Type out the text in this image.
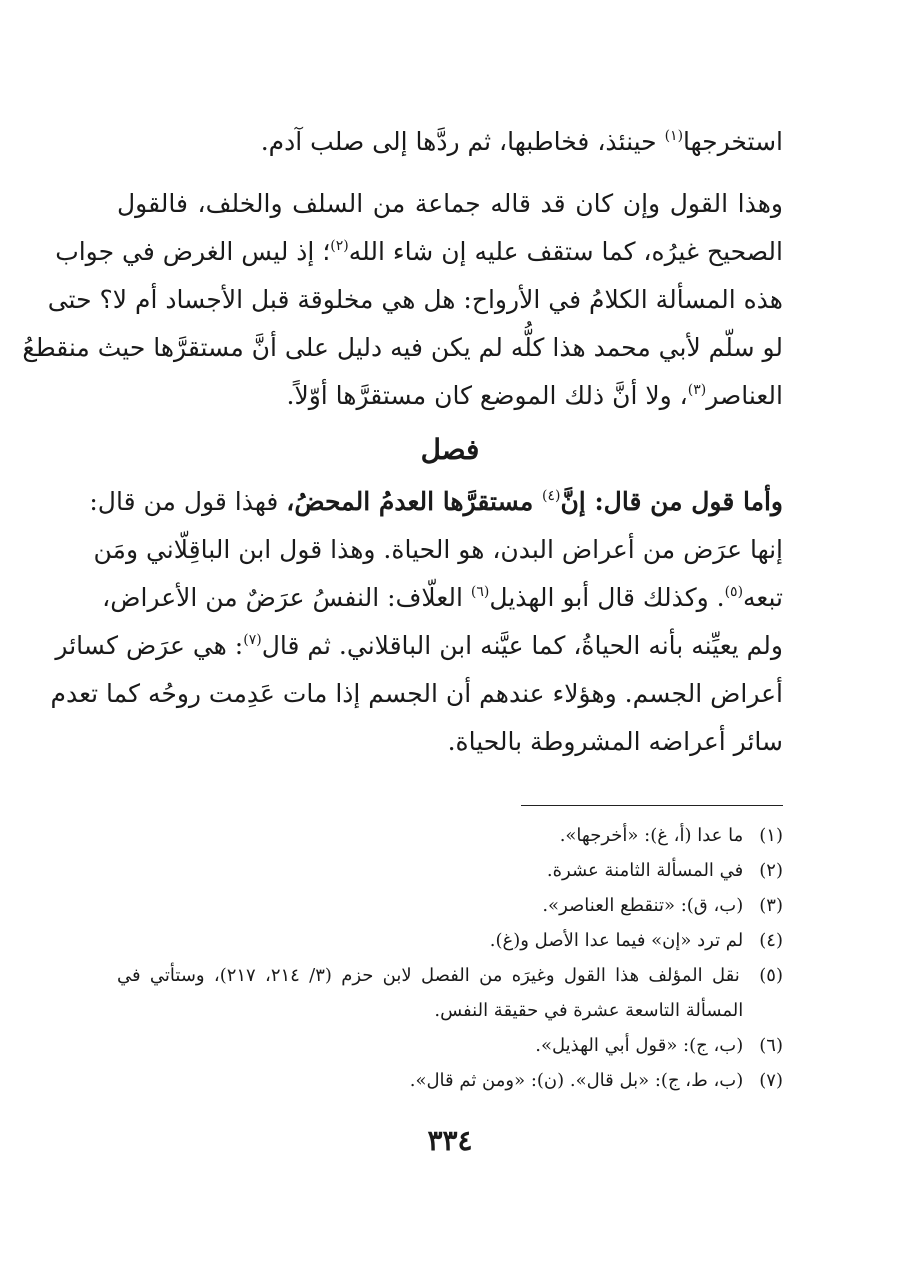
استخرجها$^{(١)}$ حينئذ، فخاطبها، ثم ردَّها إلى صلب آدم.
وهذا القول وإن كان قد قاله جماعة من السلف والخلف، فالقول
الصحيح غيرُه، كما ستقف عليه إن شاء الله$^{(٢)}$؛ إذ ليس الغرض في جواب
هذه المسألة الكلامُ في الأرواح: هل هي مخلوقة قبل الأجساد أم لا؟ حتى
لو سلّم لأبي محمد هذا كلُّه لم يكن فيه دليل على أنَّ مستقرَّها حيث منقطعُ
العناصر$^{(٣)}$، ولا أنَّ ذلك الموضع كان مستقرَّها أوّلاً.
فصل
وأما قول من قال: إنَّ$^{(٤)}$ مستقرَّها العدمُ المحضُ، فهذا قول من قال:
إنها عرَض من أعراض البدن، هو الحياة. وهذا قول ابن الباقِلّاني ومَن
تبعه$^{(٥)}$. وكذلك قال أبو الهذيل$^{(٦)}$ العلّاف: النفسُ عرَضٌ من الأعراض،
ولم يعيِّنه بأنه الحياةُ، كما عيَّنه ابن الباقلاني. ثم قال$^{(٧)}$: هي عرَض كسائر
أعراض الجسم. وهؤلاء عندهم أن الجسم إذا مات عَدِمت روحُه كما تعدم
سائر أعراضه المشروطة بالحياة.
(١) ما عدا (أ، غ): «أخرجها».
(٢) في المسألة الثامنة عشرة.
(٣) (ب، ق): «تنقطع العناصر».
(٤) لم ترد «إن» فيما عدا الأصل و(غ).
(٥) نقل المؤلف هذا القول وغيرَه من الفصل لابن حزم (٣/ ٢١٤، ٢١٧)، وستأتي في
المسألة التاسعة عشرة في حقيقة النفس.
(٦) (ب، ج): «قول أبي الهذيل».
(٧) (ب، ط، ج): «بل قال». (ن): «ومن ثم قال».
٣٣٤
